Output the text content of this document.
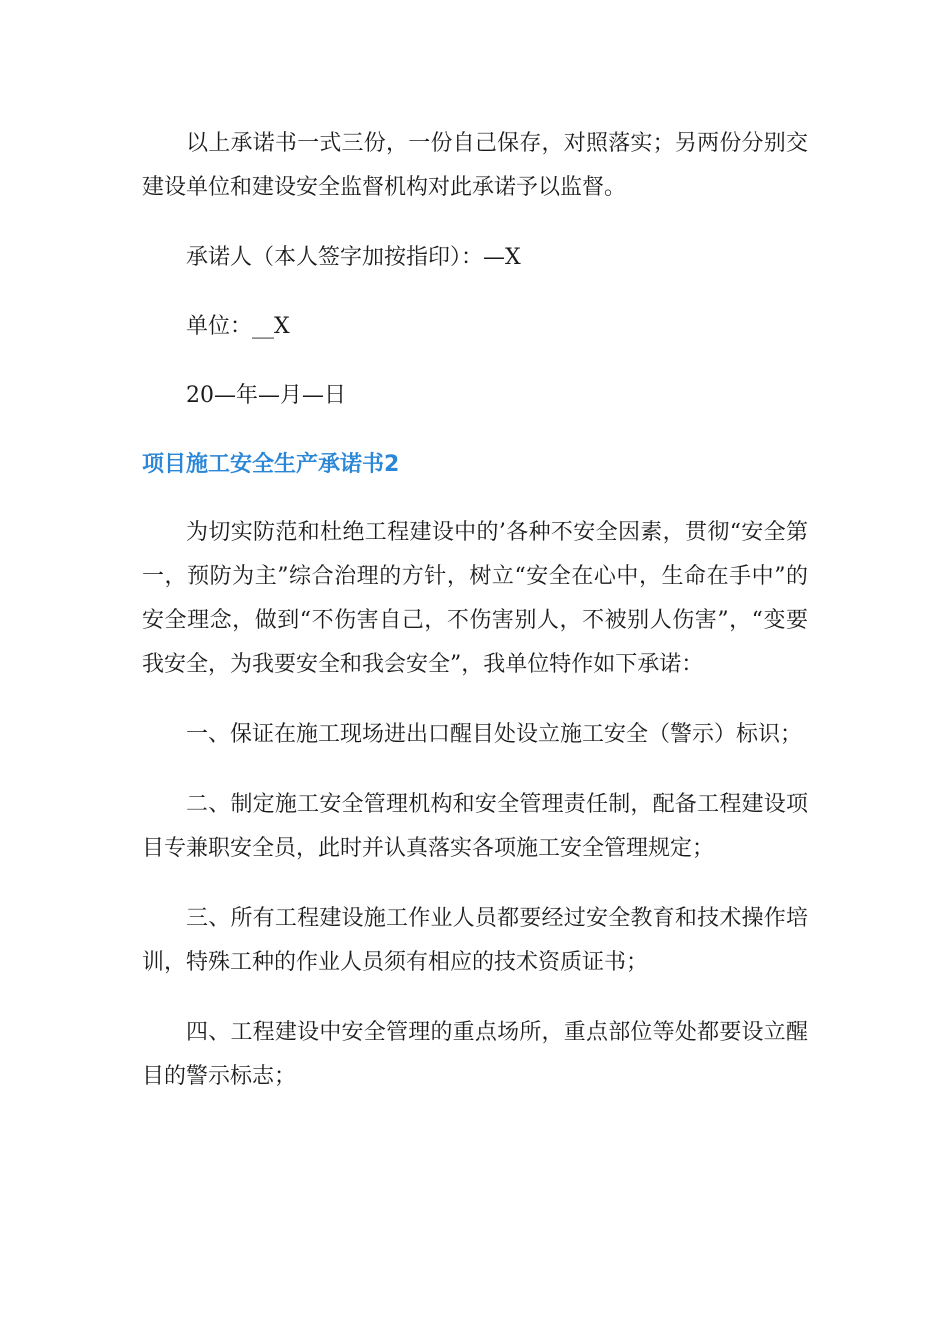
以上承诺书一式三份，一份自己保存，对照落实；另两份分别交建设单位和建设安全监督机构对此承诺予以监督。

承诺人（本人签字加按指印）：—X

单位：__X

20—年—月—日

项目施工安全生产承诺书2

为切实防范和杜绝工程建设中的’各种不安全因素，贯彻“安全第一，预防为主”综合治理的方针，树立“安全在心中，生命在手中”的安全理念，做到“不伤害自己，不伤害别人，不被别人伤害”，“变要我安全，为我要安全和我会安全”，我单位特作如下承诺：

一、保证在施工现场进出口醒目处设立施工安全（警示）标识；

二、制定施工安全管理机构和安全管理责任制，配备工程建设项目专兼职安全员，此时并认真落实各项施工安全管理规定；

三、所有工程建设施工作业人员都要经过安全教育和技术操作培训，特殊工种的作业人员须有相应的技术资质证书；

四、工程建设中安全管理的重点场所，重点部位等处都要设立醒目的警示标志；
